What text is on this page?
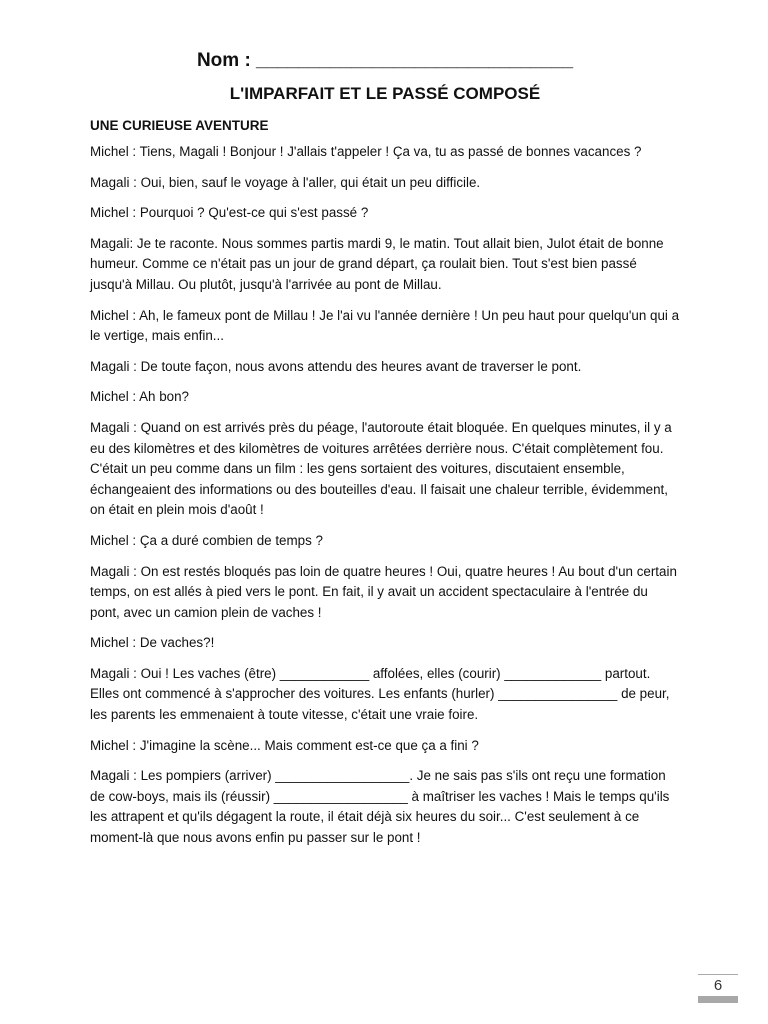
Nom : ______________________________
L'IMPARFAIT ET LE PASSÉ COMPOSÉ
UNE CURIEUSE AVENTURE

Michel : Tiens, Magali ! Bonjour ! J'allais t'appeler ! Ça va, tu as passé de bonnes vacances ?

Magali : Oui, bien, sauf le voyage à l'aller, qui était un peu difficile.

Michel : Pourquoi ? Qu'est-ce qui s'est passé ?

Magali: Je te raconte. Nous sommes partis mardi 9, le matin. Tout allait bien, Julot était de bonne humeur. Comme ce n'était pas un jour de grand départ, ça roulait bien. Tout s'est bien passé jusqu'à Millau. Ou plutôt, jusqu'à l'arrivée au pont de Millau.

Michel : Ah, le fameux pont de Millau ! Je l'ai vu l'année dernière ! Un peu haut pour quelqu'un qui a le vertige, mais enfin...

Magali : De toute façon, nous avons attendu des heures avant de traverser le pont.

Michel : Ah bon?

Magali : Quand on est arrivés près du péage, l'autoroute était bloquée. En quelques minutes, il y a eu des kilomètres et des kilomètres de voitures arrêtées derrière nous. C'était complètement fou. C'était un peu comme dans un film : les gens sortaient des voitures, discutaient ensemble, échangeaient des informations ou des bouteilles d'eau. Il faisait une chaleur terrible, évidemment, on était en plein mois d'août !

Michel : Ça a duré combien de temps ?

Magali : On est restés bloqués pas loin de quatre heures ! Oui, quatre heures ! Au bout d'un certain temps, on est allés à pied vers le pont. En fait, il y avait un accident spectaculaire à l'entrée du pont, avec un camion plein de vaches !

Michel : De vaches?!

Magali : Oui ! Les vaches (être) ____________ affolées, elles (courir) _____________ partout. Elles ont commencé à s'approcher des voitures. Les enfants (hurler) ________________ de peur, les parents les emmenaient à toute vitesse, c'était une vraie foire.

Michel : J'imagine la scène... Mais comment est-ce que ça a fini ?

Magali : Les pompiers (arriver) __________________. Je ne sais pas s'ils ont reçu une formation de cow-boys, mais ils (réussir) __________________ à maîtriser les vaches ! Mais le temps qu'ils les attrapent et qu'ils dégagent la route, il était déjà six heures du soir... C'est seulement à ce moment-là que nous avons enfin pu passer sur le pont !

6
